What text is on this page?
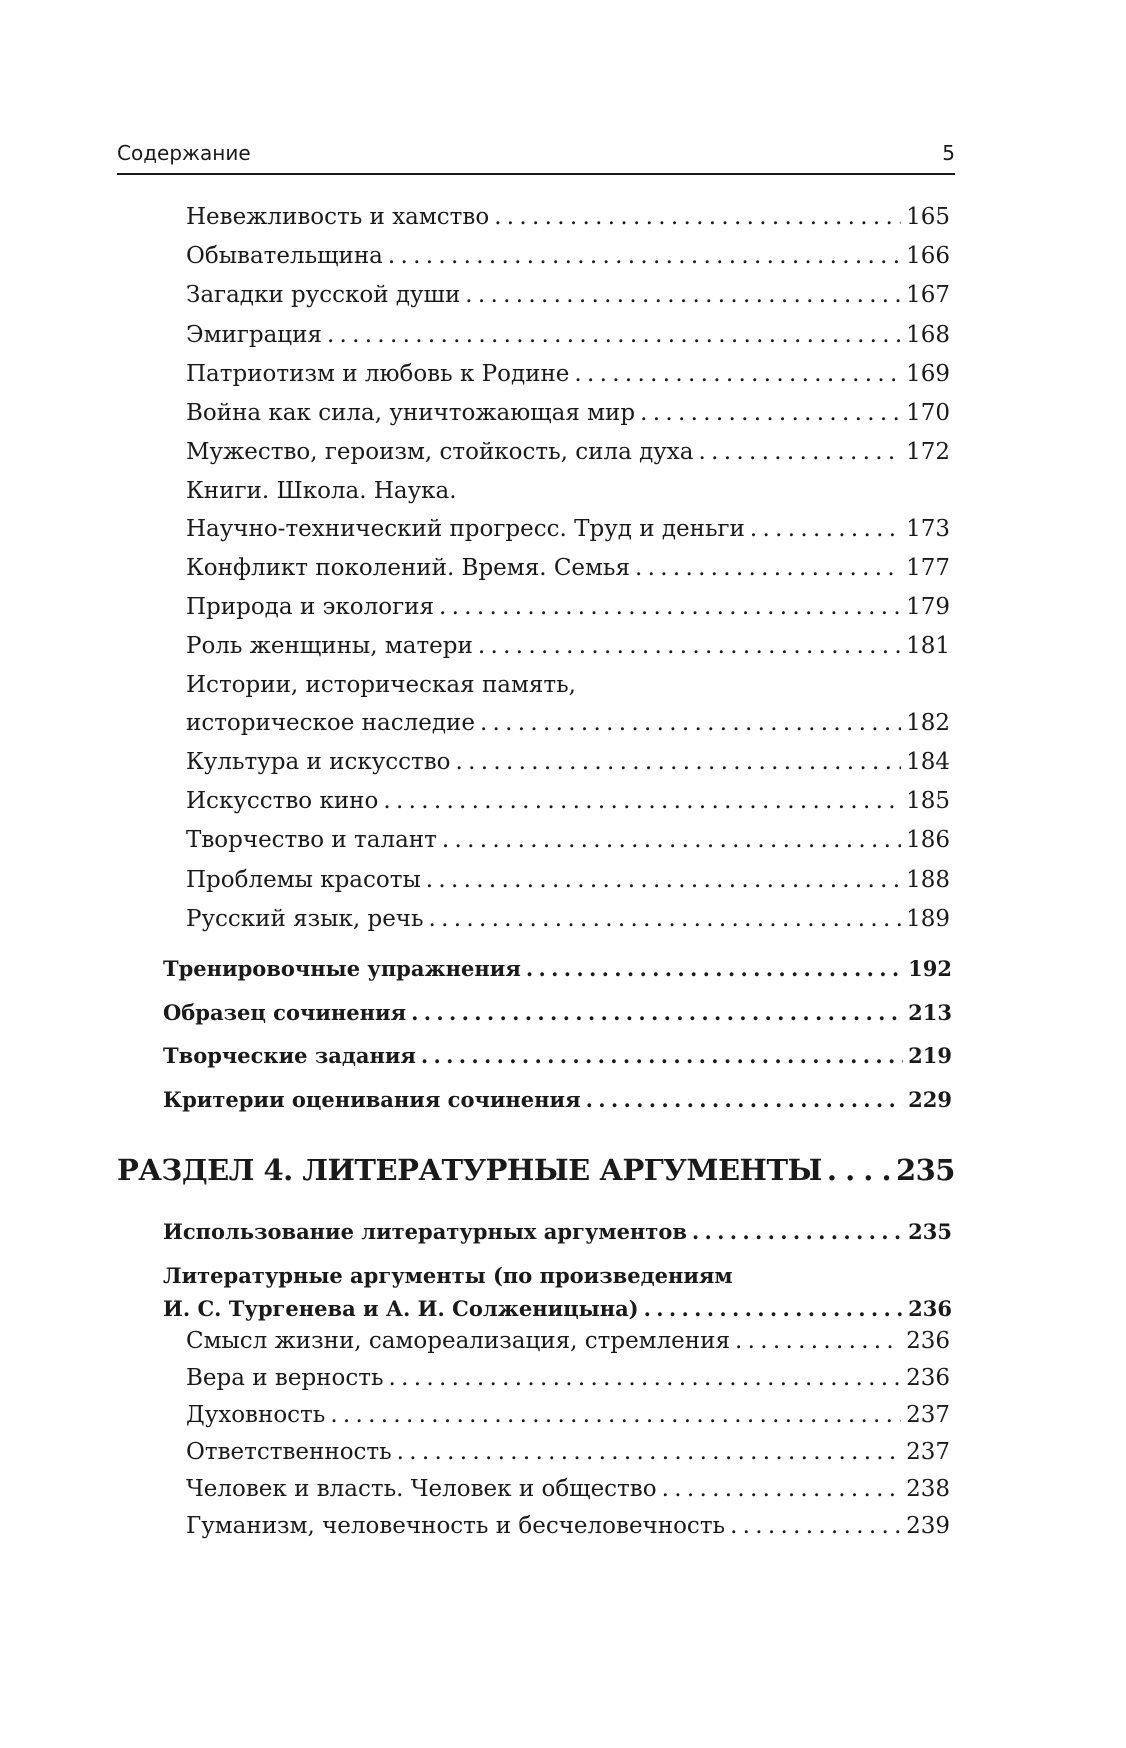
Содержание	5
Невежливость и хамство . . .	165
Обывательщина . . .	166
Загадки русской души . . .	167
Эмиграция . . .	168
Патриотизм и любовь к Родине . . .	169
Война как сила, уничтожающая мир . . .	170
Мужество, героизм, стойкость, сила духа . . .	172
Книги. Школа. Наука.
Научно-технический прогресс. Труд и деньги . . .	173
Конфликт поколений. Время. Семья . . .	177
Природа и экология . . .	179
Роль женщины, матери . . .	181
Истории, историческая память,
историческое наследие . . .	182
Культура и искусство . . .	184
Искусство кино . . .	185
Творчество и талант . . .	186
Проблемы красоты . . .	188
Русский язык, речь . . .	189
Тренировочные упражнения . . .	192
Образец сочинения . . .	213
Творческие задания . . .	219
Критерии оценивания сочинения . . .	229
РАЗДЕЛ 4. ЛИТЕРАТУРНЫЕ АРГУМЕНТЫ . . .	235
Использование литературных аргументов . . .	235
Литературные аргументы (по произведениям
И. С. Тургенева и А. И. Солженицына) . . .	236
Смысл жизни, самореализация, стремления . . .	236
Вера и верность . . .	236
Духовность . . .	237
Ответственность . . .	237
Человек и власть. Человек и общество . . .	238
Гуманизм, человечность и бесчеловечность . . .	239
